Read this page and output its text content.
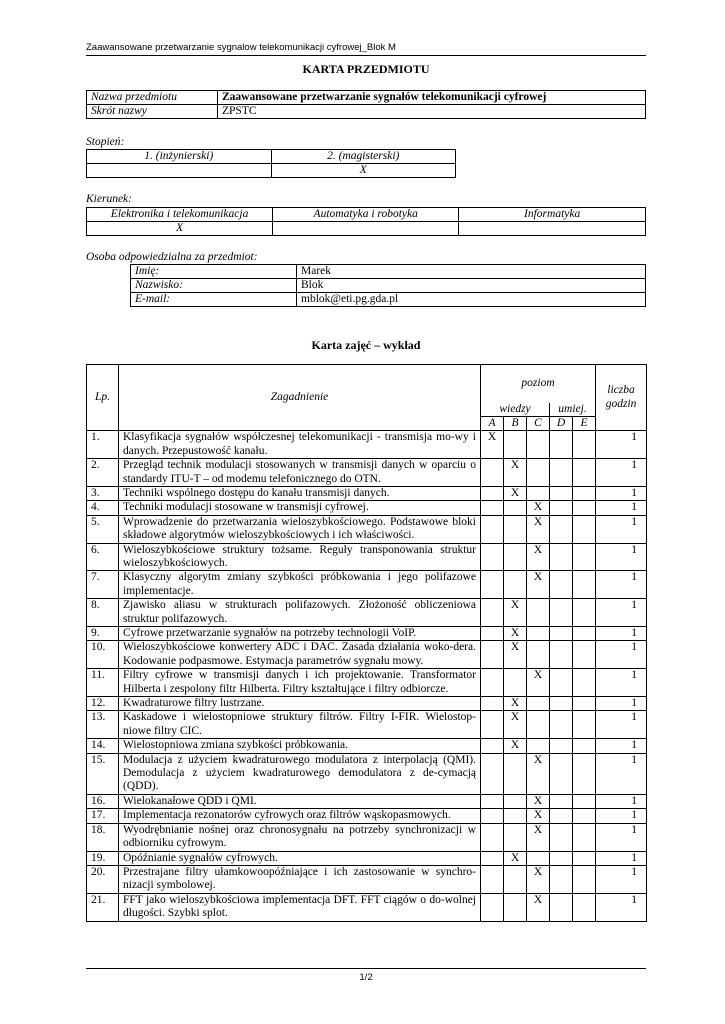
Zaawansowane przetwarzanie sygnalow telekomunikacji cyfrowej_Blok M
KARTA PRZEDMIOTU
Nazwa przedmiotu	Zaawansowane przetwarzanie sygnałów telekomunikacji cyfrowej
Skrót nazwy	ZPSTC
Stopień:
1. (inżynierski)	2. (magisterski)
	X
Kierunek:
Elektronika i telekomunikacja	Automatyka i robotyka	Informatyka
X		
Osoba odpowiedzialna za przedmiot:
Imię:	Marek
Nazwisko:	Blok
E-mail:	mblok@eti.pg.gda.pl
Karta zajęć – wykład
Lp.	Zagadnienie	poziom					liczba godzin
		wiedzy			umiej.		
		A	B	C	D	E	
1.	Klasyfikacja sygnałów współczesnej telekomunikacji - transmisja mo-wy i danych. Przepustowość kanału.	X					1
2.	Przegląd technik modulacji stosowanych w transmisji danych w oparciu o standardy ITU-T – od modemu telefonicznego do OTN.		X				1
3.	Techniki wspólnego dostępu do kanału transmisji danych.		X				1
4.	Techniki modulacji stosowane w transmisji cyfrowej.			X			1
5.	Wprowadzenie do przetwarzania wieloszybkościowego. Podstawowe bloki składowe algorytmów wieloszybkościowych i ich właściwości.			X			1
6.	Wieloszybkościowe struktury tożsame. Reguły transponowania struktur wieloszybkościowych.			X			1
7.	Klasyczny algorytm zmiany szybkości próbkowania i jego polifazowe implementacje.			X			1
8.	Zjawisko aliasu w strukturach polifazowych. Złożoność obliczeniowa struktur polifazowych.		X				1
9.	Cyfrowe przetwarzanie sygnałów na potrzeby technologii VoIP.		X				1
10.	Wieloszybkościowe konwertery ADC i DAC. Zasada działania woko-dera. Kodowanie podpasmowe. Estymacja parametrów sygnału mowy.		X				1
11.	Filtry cyfrowe w transmisji danych i ich projektowanie. Transformator Hilberta i zespolony filtr Hilberta. Filtry kształtujące i filtry odbiorcze.			X			1
12.	Kwadraturowe filtry lustrzane.		X				1
13.	Kaskadowe i wielostopniowe struktury filtrów. Filtry I-FIR. Wielostop-niowe filtry CIC.		X				1
14.	Wielostopniowa zmiana szybkości próbkowania.		X				1
15.	Modulacja z użyciem kwadraturowego modulatora z interpolacją (QMI). Demodulacja z użyciem kwadraturowego demodulatora z de-cymacją (QDD).			X			1
16.	Wielokanałowe QDD i QMI.			X			1
17.	Implementacja rezonatorów cyfrowych oraz filtrów wąskopasmowych.			X			1
18.	Wyodrębnianie nośnej oraz chronosygnału na potrzeby synchronizacji w odbiorniku cyfrowym.			X			1
19.	Opóźnianie sygnałów cyfrowych.		X				1
20.	Przestrajane filtry ułamkowoopóźniające i ich zastosowanie w synchro-nizacji symbolowej.			X			1
21.	FFT jako wieloszybkościowa implementacja DFT. FFT ciągów o do-wolnej długości. Szybki splot.			X			1
1/2
